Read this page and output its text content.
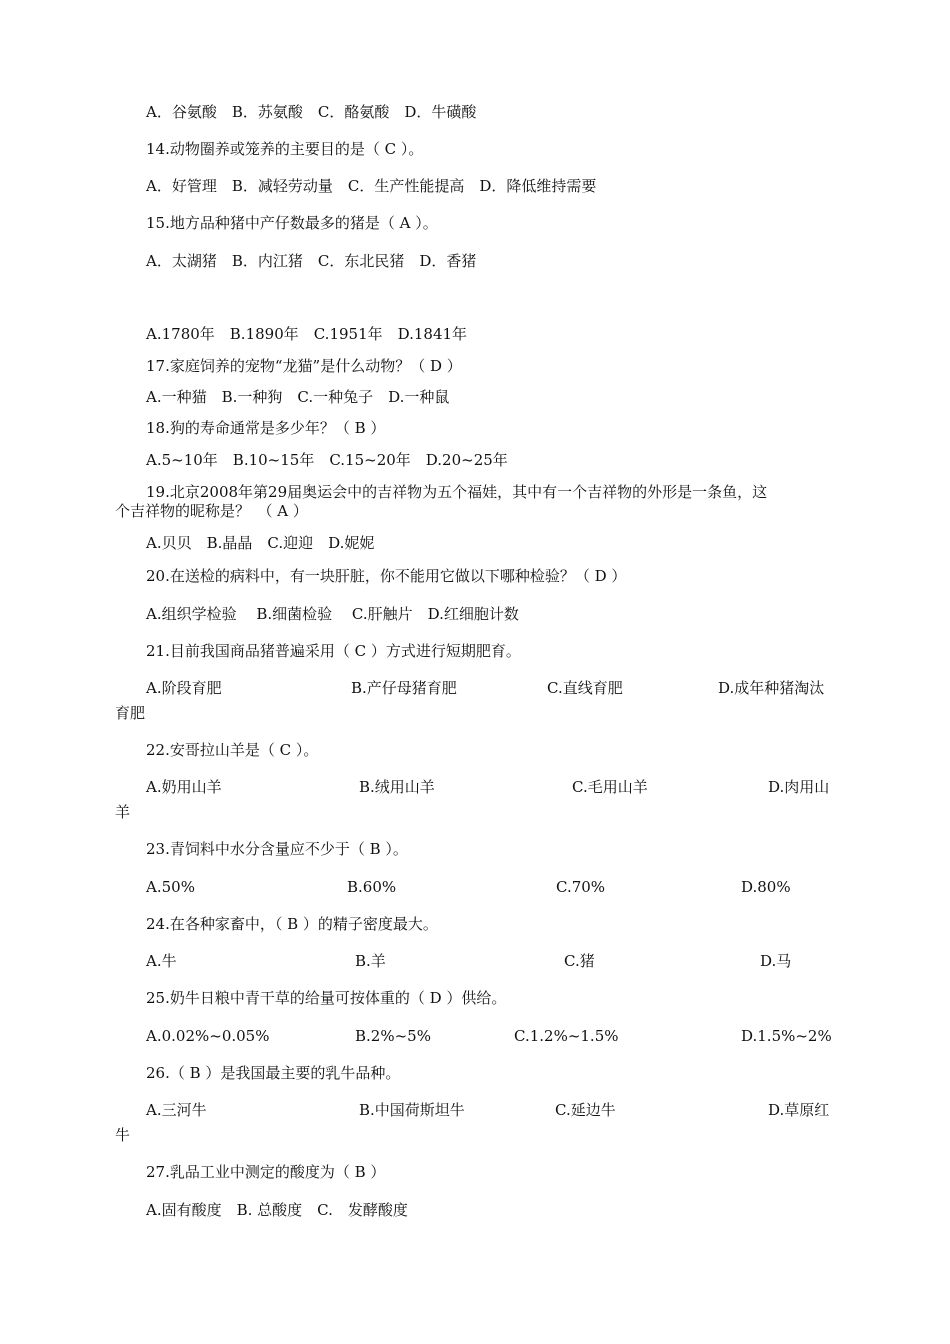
A．谷氨酸　B．苏氨酸　C．酪氨酸　D．牛磺酸
14.动物圈养或笼养的主要目的是（ C ）。
A．好管理　B．减轻劳动量　C．生产性能提高　D．降低维持需要
15.地方品种猪中产仔数最多的猪是（ A ）。
A．太湖猪　B．内江猪　C．东北民猪　D．香猪
A.1780年　B.1890年　C.1951年　D.1841年
17.家庭饲养的宠物“龙猫”是什么动物？（ D ）
A.一种猫　B.一种狗　C.一种兔子　D.一种鼠
18.狗的寿命通常是多少年？（ B ）
A.5~10年　B.10~15年　C.15~20年　D.20~25年
19.北京2008年第29届奥运会中的吉祥物为五个福娃，其中有一个吉祥物的外形是一条鱼，这
个吉祥物的昵称是？　（ A ）
A.贝贝　B.晶晶　C.迎迎　D.妮妮
20.在送检的病料中，有一块肝脏，你不能用它做以下哪种检验？（ D ）
A.组织学检验　 B.细菌检验　 C.肝触片　D.红细胞计数
21.目前我国商品猪普遍采用（ C ）方式进行短期肥育。
A.阶段育肥	B.产仔母猪育肥	C.直线育肥	D.成年种猪淘汰
育肥
22.安哥拉山羊是（ C ）。
A.奶用山羊	B.绒用山羊	C.毛用山羊	D.肉用山
羊
23.青饲料中水分含量应不少于（ B ）。
A.50%	B.60%	C.70%	D.80%
24.在各种家畜中，（ B ）的精子密度最大。
A.牛	B.羊	C.猪	D.马
25.奶牛日粮中青干草的给量可按体重的（ D ）供给。
A.0.02%~0.05%	B.2%~5%	C.1.2%~1.5%	D.1.5%~2%
26.（ B ）是我国最主要的乳牛品种。
A.三河牛	B.中国荷斯坦牛	C.延边牛	D.草原红
牛
27.乳品工业中测定的酸度为（ B ）
A.固有酸度　B. 总酸度　C.　发酵酸度
